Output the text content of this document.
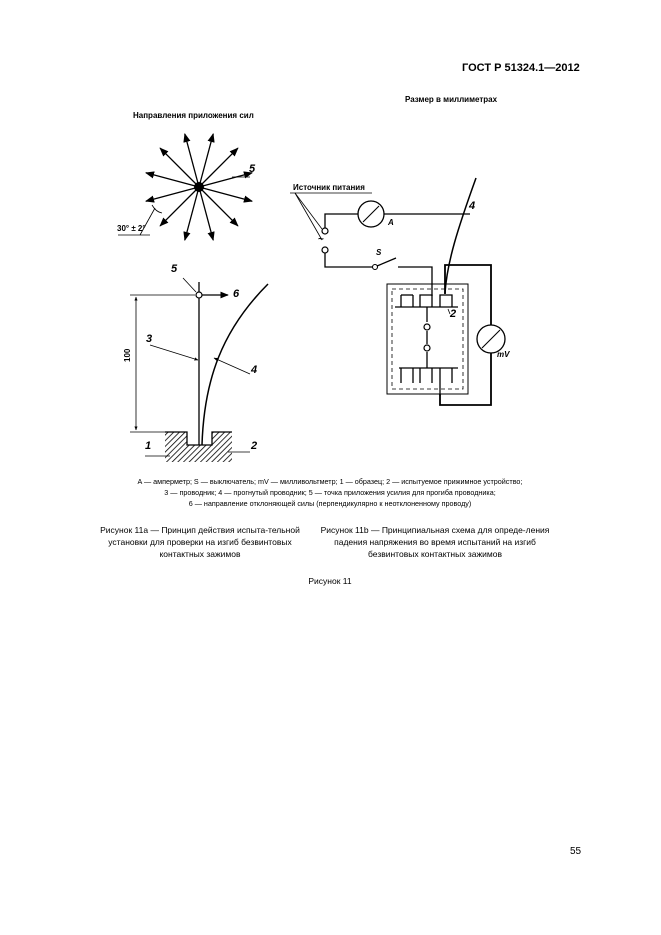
ГОСТ Р 51324.1—2012
Размер в миллиметрах
Направления приложения сил
5
30° ± 2°
5
6
3
4
100
1	2
Источник питания
4
A
~
S
2
mV
A — амперметр; S — выключатель; mV — милливольтметр; 1 — образец; 2 — испытуемое прижимное устройство;
3 — проводник; 4 — прогнутый проводник; 5 — точка приложения усилия для прогиба проводника;
6 — направление отклоняющей силы (перпендикулярно к неотклоненному проводу)
Рисунок 11а — Принцип действия испыта-тельной установки для проверки на изгиб безвинтовых контактных зажимов
Рисунок 11b — Принципиальная схема для опреде-ления падения напряжения во время испытаний на изгиб безвинтовых контактных зажимов
Рисунок 11
55
